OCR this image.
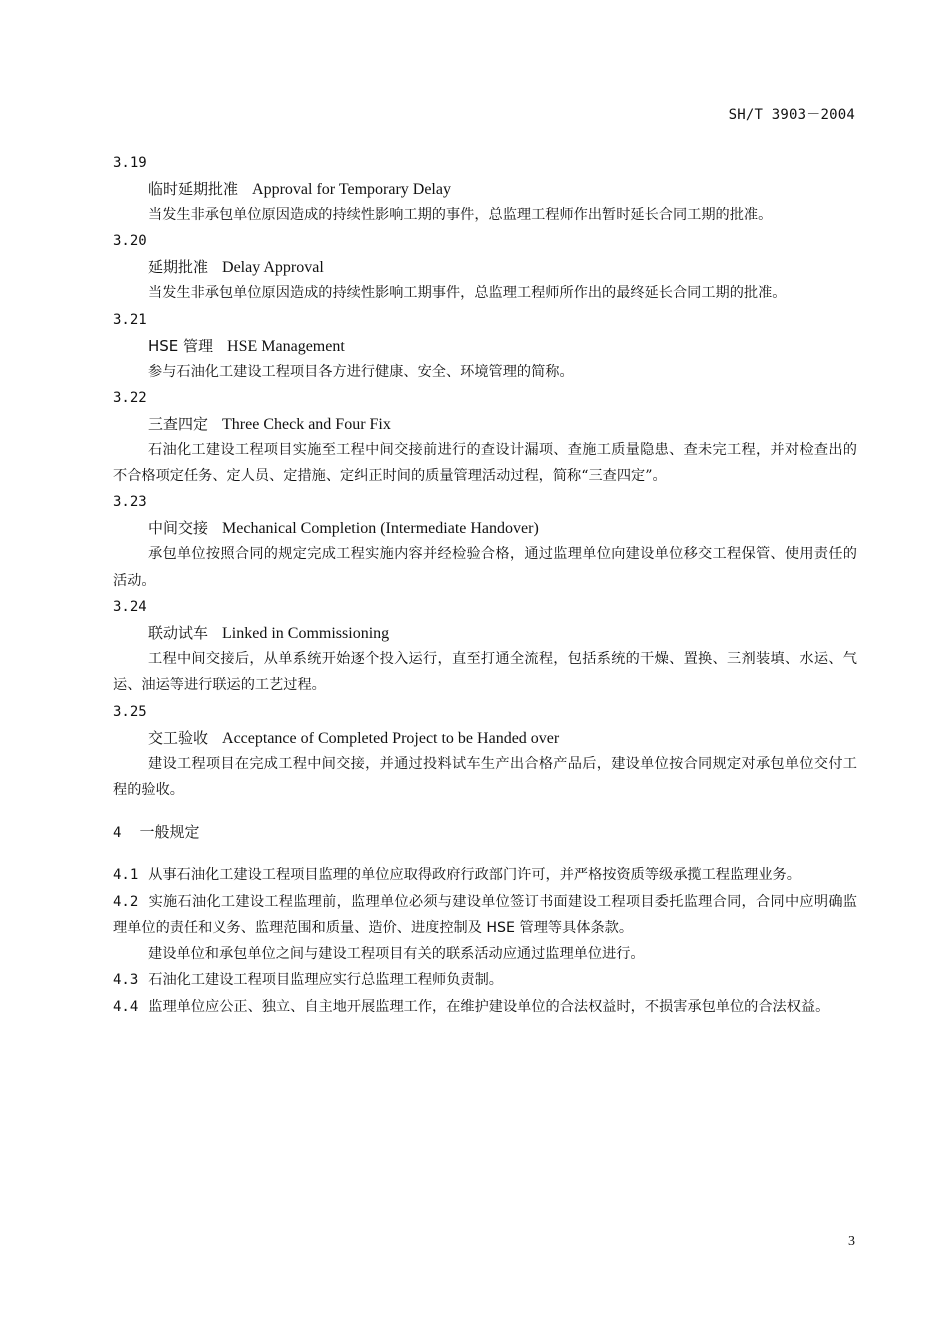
SH/T 3903－2004
3.19
临时延期批准 Approval for Temporary Delay
当发生非承包单位原因造成的持续性影响工期的事件，总监理工程师作出暂时延长合同工期的批准。
3.20
延期批准 Delay Approval
当发生非承包单位原因造成的持续性影响工期事件，总监理工程师所作出的最终延长合同工期的批准。
3.21
HSE 管理 HSE Management
参与石油化工建设工程项目各方进行健康、安全、环境管理的简称。
3.22
三查四定 Three Check and Four Fix
石油化工建设工程项目实施至工程中间交接前进行的查设计漏项、查施工质量隐患、查未完工程，并对检查出的不合格项定任务、定人员、定措施、定纠正时间的质量管理活动过程，简称“三查四定”。
3.23
中间交接 Mechanical Completion (Intermediate Handover)
承包单位按照合同的规定完成工程实施内容并经检验合格，通过监理单位向建设单位移交工程保管、使用责任的活动。
3.24
联动试车 Linked in Commissioning
工程中间交接后，从单系统开始逐个投入运行，直至打通全流程，包括系统的干燥、置换、三剂装填、水运、气运、油运等进行联运的工艺过程。
3.25
交工验收 Acceptance of Completed Project to be Handed over
建设工程项目在完成工程中间交接，并通过投料试车生产出合格产品后，建设单位按合同规定对承包单位交付工程的验收。
4 一般规定
4.1 从事石油化工建设工程项目监理的单位应取得政府行政部门许可，并严格按资质等级承揽工程监理业务。
4.2 实施石油化工建设工程监理前，监理单位必须与建设单位签订书面建设工程项目委托监理合同，合同中应明确监理单位的责任和义务、监理范围和质量、造价、进度控制及 HSE 管理等具体条款。
建设单位和承包单位之间与建设工程项目有关的联系活动应通过监理单位进行。
4.3 石油化工建设工程项目监理应实行总监理工程师负责制。
4.4 监理单位应公正、独立、自主地开展监理工作，在维护建设单位的合法权益时，不损害承包单位的合法权益。
3
